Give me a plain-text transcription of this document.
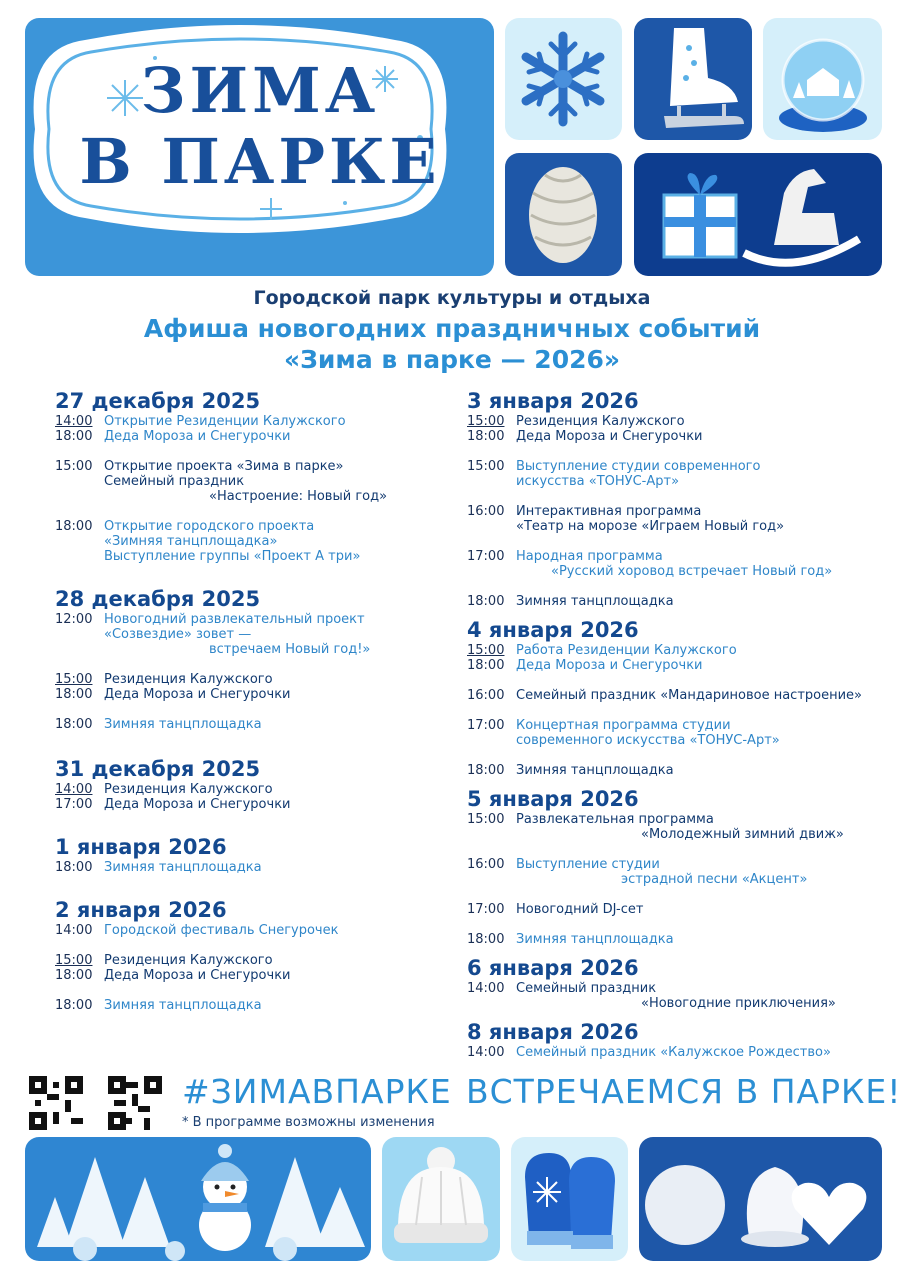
ЗИМА
В ПАРКЕ
Городской парк культуры и отдыха
Афиша новогодних праздничных событий
«Зима в парке — 2026»
27 декабря 2025
14:00
18:00
Открытие Резиденции Калужского
Деда Мороза и Снегурочки
15:00 Открытие проекта «Зима в парке»
Семейный праздник
«Настроение: Новый год»
18:00 Открытие городского проекта
«Зимняя танцплощадка»
Выступление группы «Проект А три»
28 декабря 2025
12:00 Новогодний развлекательный проект
«Созвездие» зовет —
встречаем Новый год!»
15:00
18:00
Резиденция Калужского
Деда Мороза и Снегурочки
18:00 Зимняя танцплощадка
31 декабря 2025
14:00
17:00
Резиденция Калужского
Деда Мороза и Снегурочки
1 января 2026
18:00 Зимняя танцплощадка
2 января 2026
14:00 Городской фестиваль Снегурочек
15:00
18:00
Резиденция Калужского
Деда Мороза и Снегурочки
18:00 Зимняя танцплощадка
3 января 2026
15:00
18:00
Резиденция Калужского
Деда Мороза и Снегурочки
15:00 Выступление студии современного
искусства «ТОНУС-Арт»
16:00 Интерактивная программа
«Театр на морозе «Играем Новый год»
17:00 Народная программа
«Русский хоровод встречает Новый год»
18:00 Зимняя танцплощадка
4 января 2026
15:00
18:00
Работа Резиденции Калужского
Деда Мороза и Снегурочки
16:00 Семейный праздник «Мандариновое настроение»
17:00 Концертная программа студии
современного искусства «ТОНУС-Арт»
18:00 Зимняя танцплощадка
5 января 2026
15:00 Развлекательная программа
«Молодежный зимний движ»
16:00 Выступление студии
эстрадной песни «Акцент»
17:00 Новогодний DJ-сет
18:00 Зимняя танцплощадка
6 января 2026
14:00 Семейный праздник
«Новогодние приключения»
8 января 2026
14:00 Семейный праздник «Калужское Рождество»
#ЗИМАВПАРКЕ ВСТРЕЧАЕМСЯ В ПАРКЕ!
* В программе возможны изменения
